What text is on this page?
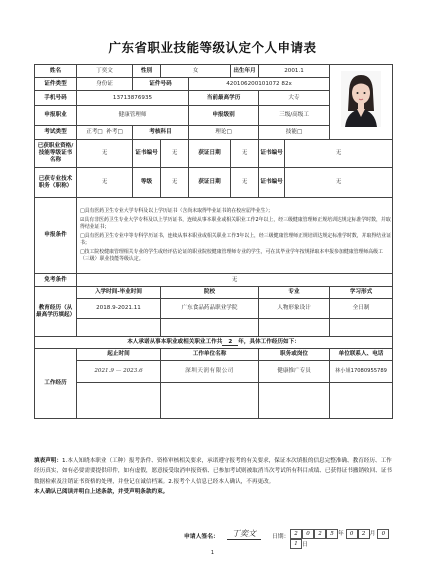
广东省职业技能等级认定个人申请表
姓名	丁奕文	性别	女		出生年月	2001.1	

证件类型	身份证	证件号码		420106200101072 82x				
手机号码	13713876935			当前最高学历		大专		
申报职业	健康管理师			申报级别		三级/高级工		
考试类型	正考□ 补考□	考核科目		理论□		技能□		
已获职业资格/技能等级证书名称	无	证书编号	无	获证日期	无	证书编号	无	
已获专业技术职务（职称）	无	等级	无	获证日期	无	证书编号	无	
申报条件	□具有医药卫生专业大学专科及以上学历证书（含尚未取得毕业证书的在校应届毕业生）；

☑具有非医药卫生专业大学专科及以上学历证书，连续从事本职业或相关职业工作2年以上，经三级健康管理师正规培训达规定标准学时数，并取得结业证书；

□具有医药卫生专业中等专科学历证书，连续从事本职业或相关职业工作3年以上，经三级健康管理师正规培训达规定标准学时数，并取得结业证书；

□技工院校健康管理相关专业的学生或经评估论证的职业院校健康管理师专业的学生，可在其毕业学年按规择取本申报参加健康管理师高级工（三级）职业技能等级认定。							

免考条件	无							
教育经历（从最高学历填起）	入学时间-毕业时间		院校			专业		学习形式
	2018.9-2021.11		广东食品药品职业学院			人物形象设计		全日制

本人承诺从事本职业或相关职业工作共 2 年，具体工作经历如下：								
工作经历	起止时间		工作单位名称			职务或岗位		单位联系人、电话
	2021.9 — 2023.6		深圳天润有限公司			健康推广专员		林小姐17080955789

填表声明：1.本人知晓本职业（工种）报考条件、资格审核相关要求，承诺遵守报考的有关要求，保证本次填报的信息完整准确、教育经历、工作经历真实，如有必要需要提供印件，如有虚假，愿意接受取消申报资格、已参加考试则被取消当次考试所有科目成绩、已获得证书撤销收回、证书数据检索及注销证书资格的处理，并登记在诚信档案。2.报考个人信息已经本人确认，不再更改。
本人确认已阅读并明白上述条款，并受声明条款约束。
申请人签名：	丁奕文	日期：
2 0 2 5 年 0 2 月 01 日
1
